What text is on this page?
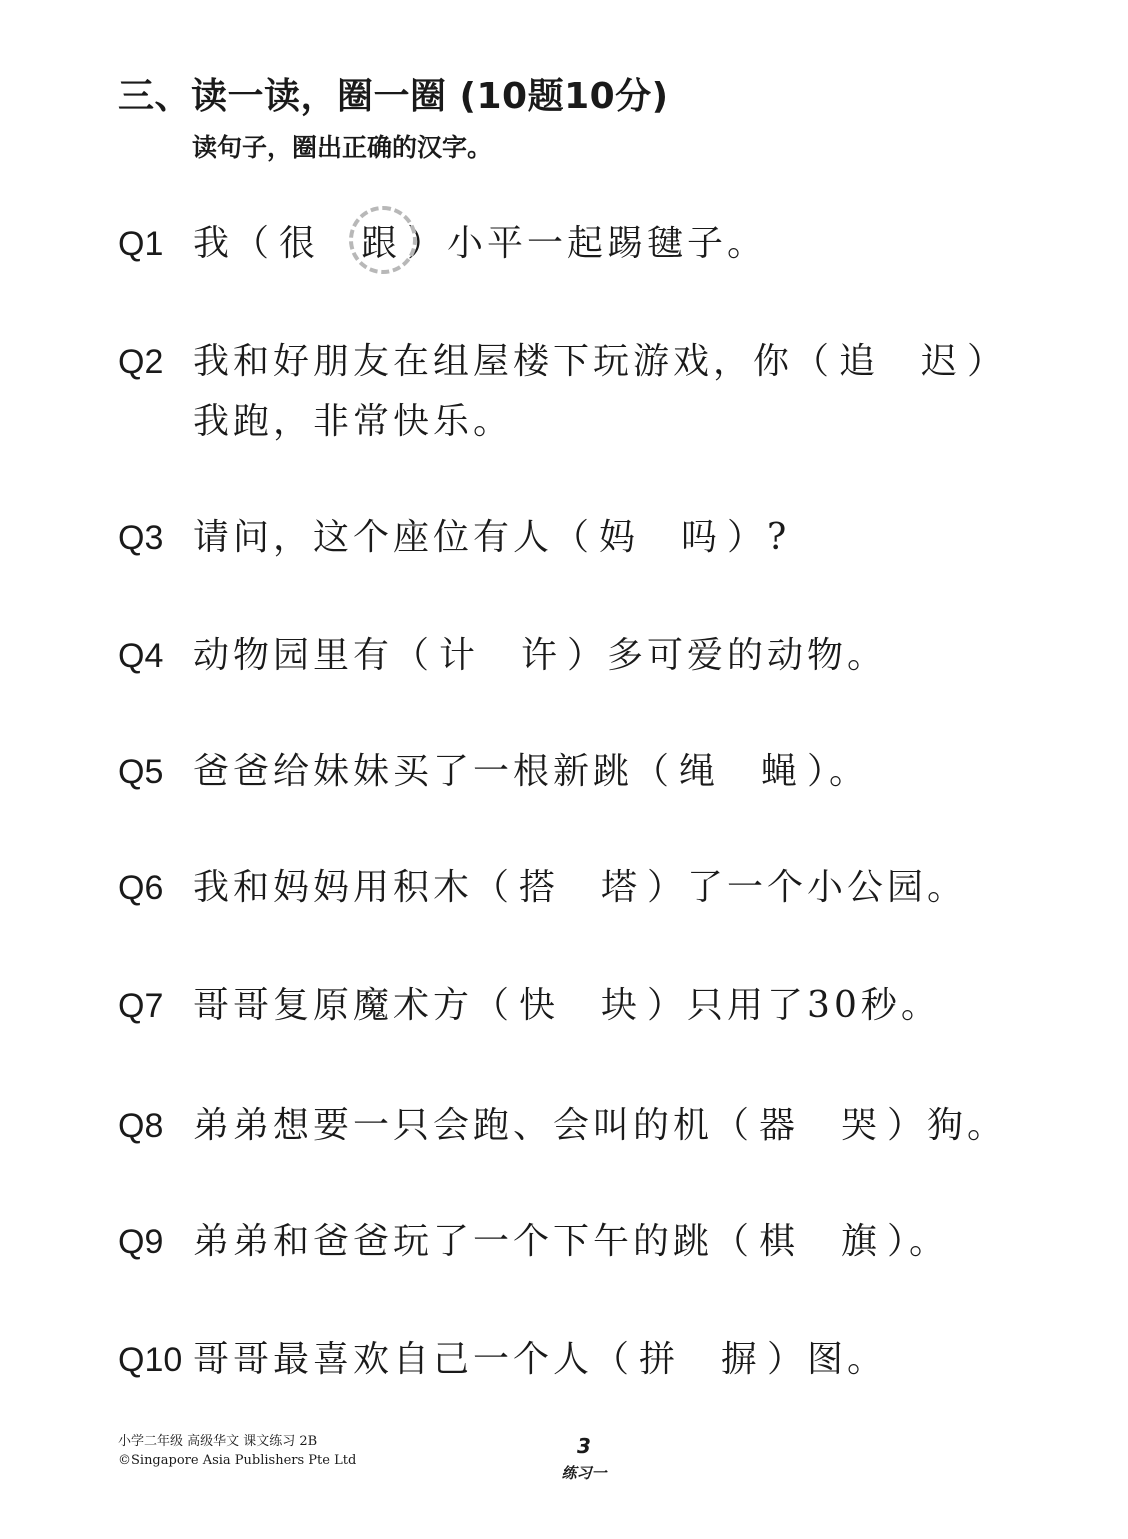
三、读一读，圈一圈 (10题10分)
读句子，圈出正确的汉字。
Q1 我（ 很 跟 ）小平一起踢毽子。
Q2 我和好朋友在组屋楼下玩游戏，你（ 追 迟 ）
我跑，非常快乐。
Q3 请问，这个座位有人（ 妈 吗 ）?
Q4 动物园里有（ 计 许 ）多可爱的动物。
Q5 爸爸给妹妹买了一根新跳（ 绳 蝇 ）。
Q6 我和妈妈用积木（ 搭 塔 ）了一个小公园。
Q7 哥哥复原魔术方（ 快 块 ）只用了30秒。
Q8 弟弟想要一只会跑、会叫的机（ 器 哭 ）狗。
Q9 弟弟和爸爸玩了一个下午的跳（ 棋 旗 ）。
Q10 哥哥最喜欢自己一个人（ 拼 摒 ）图。
小学二年级 高级华文 课文练习 2B
©Singapore Asia Publishers Pte Ltd
3
练习一
